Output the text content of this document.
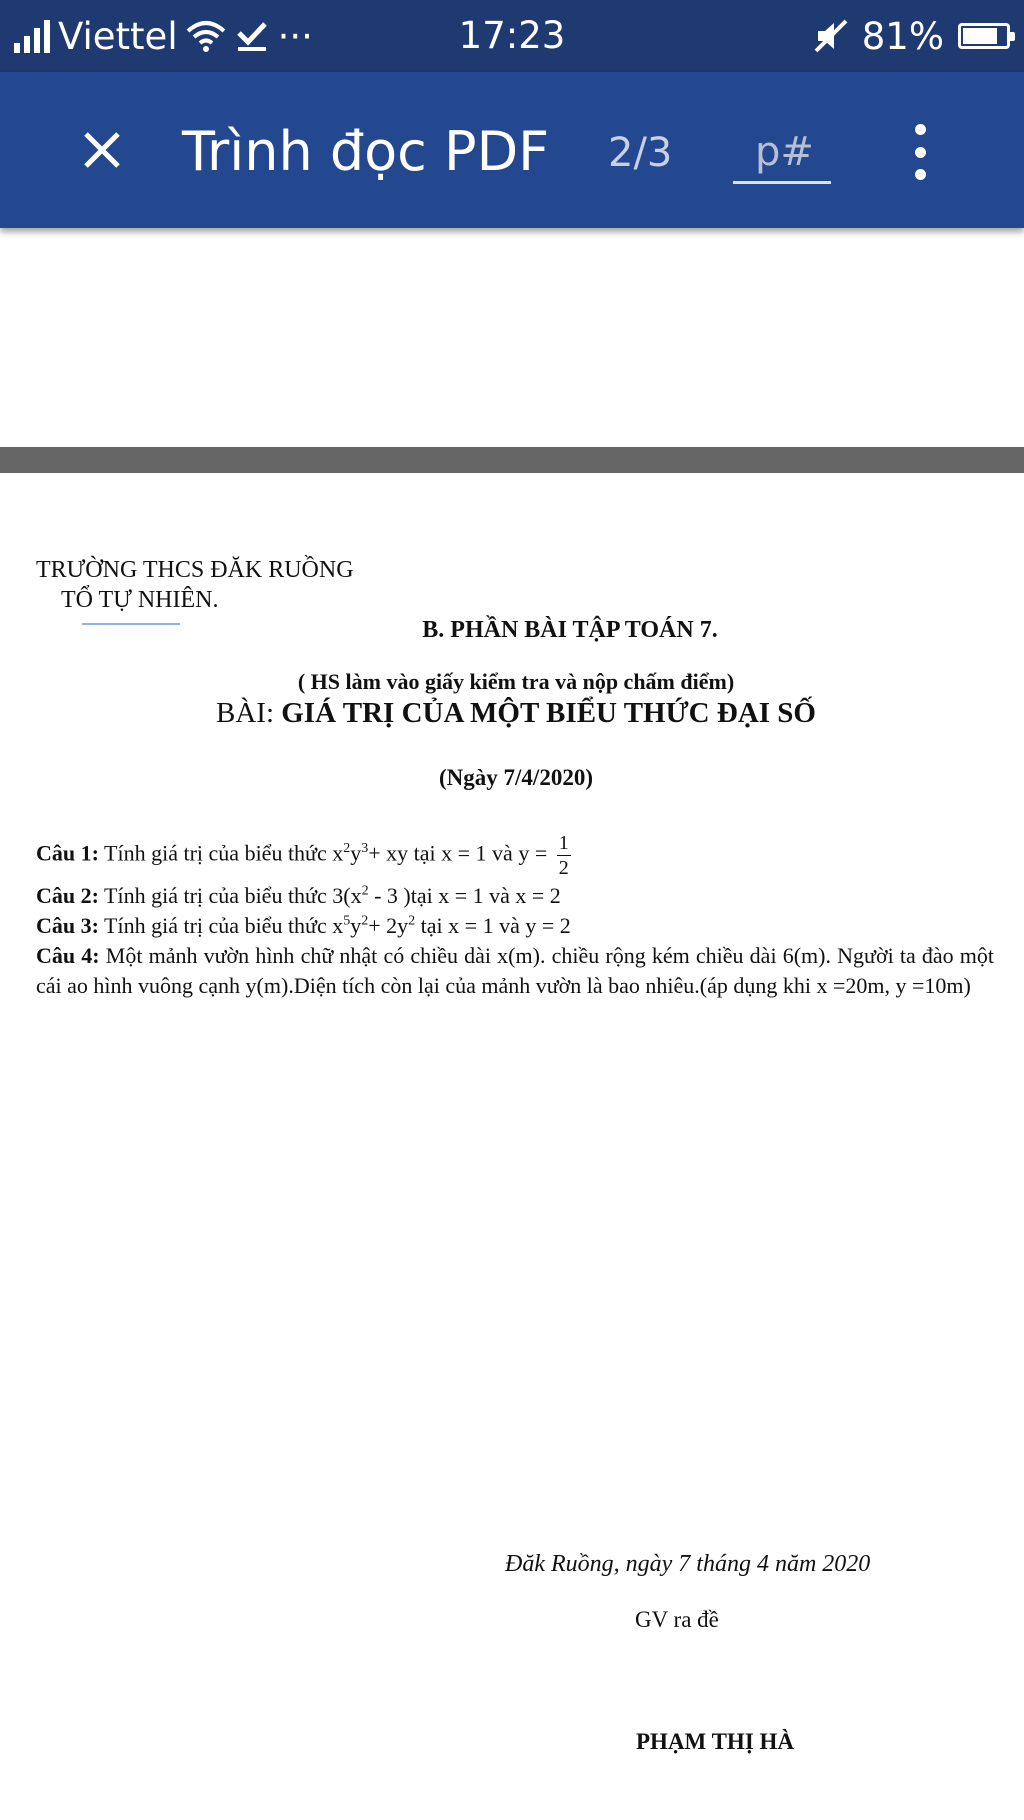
Viettel	···	17:23	81%
Trình đọc PDF 2/3
p#
TRƯỜNG THCS ĐĂK RUỒNG
TỔ TỰ NHIÊN.
B. PHẦN BÀI TẬP TOÁN 7.
( HS làm vào giấy kiểm tra và nộp chấm điểm)
BÀI: GIÁ TRỊ CỦA MỘT BIỂU THỨC ĐẠI SỐ
(Ngày 7/4/2020)
Câu 1: Tính giá trị của biểu thức $x^2y^3+$ xy tại x = 1 và $y = \frac{1}{2}$
Câu 2: Tính giá trị của biểu thức $3(x^2 - 3$ )tại x = 1 và x = 2
Câu 3: Tính giá trị của biểu thức $x^5y^2+ 2y^2$ tại x = 1 và y = 2
Câu 4: Một mảnh vườn hình chữ nhật có chiều dài x(m). chiều rộng kém chiều dài 6(m). Người ta đào một cái ao hình vuông cạnh y(m).Diện tích còn lại của mảnh vườn là bao nhiêu.(áp dụng khi x =20m, y =10m)
Đăk Ruồng, ngày 7 tháng 4 năm 2020
GV ra đề
PHẠM THỊ HÀ
